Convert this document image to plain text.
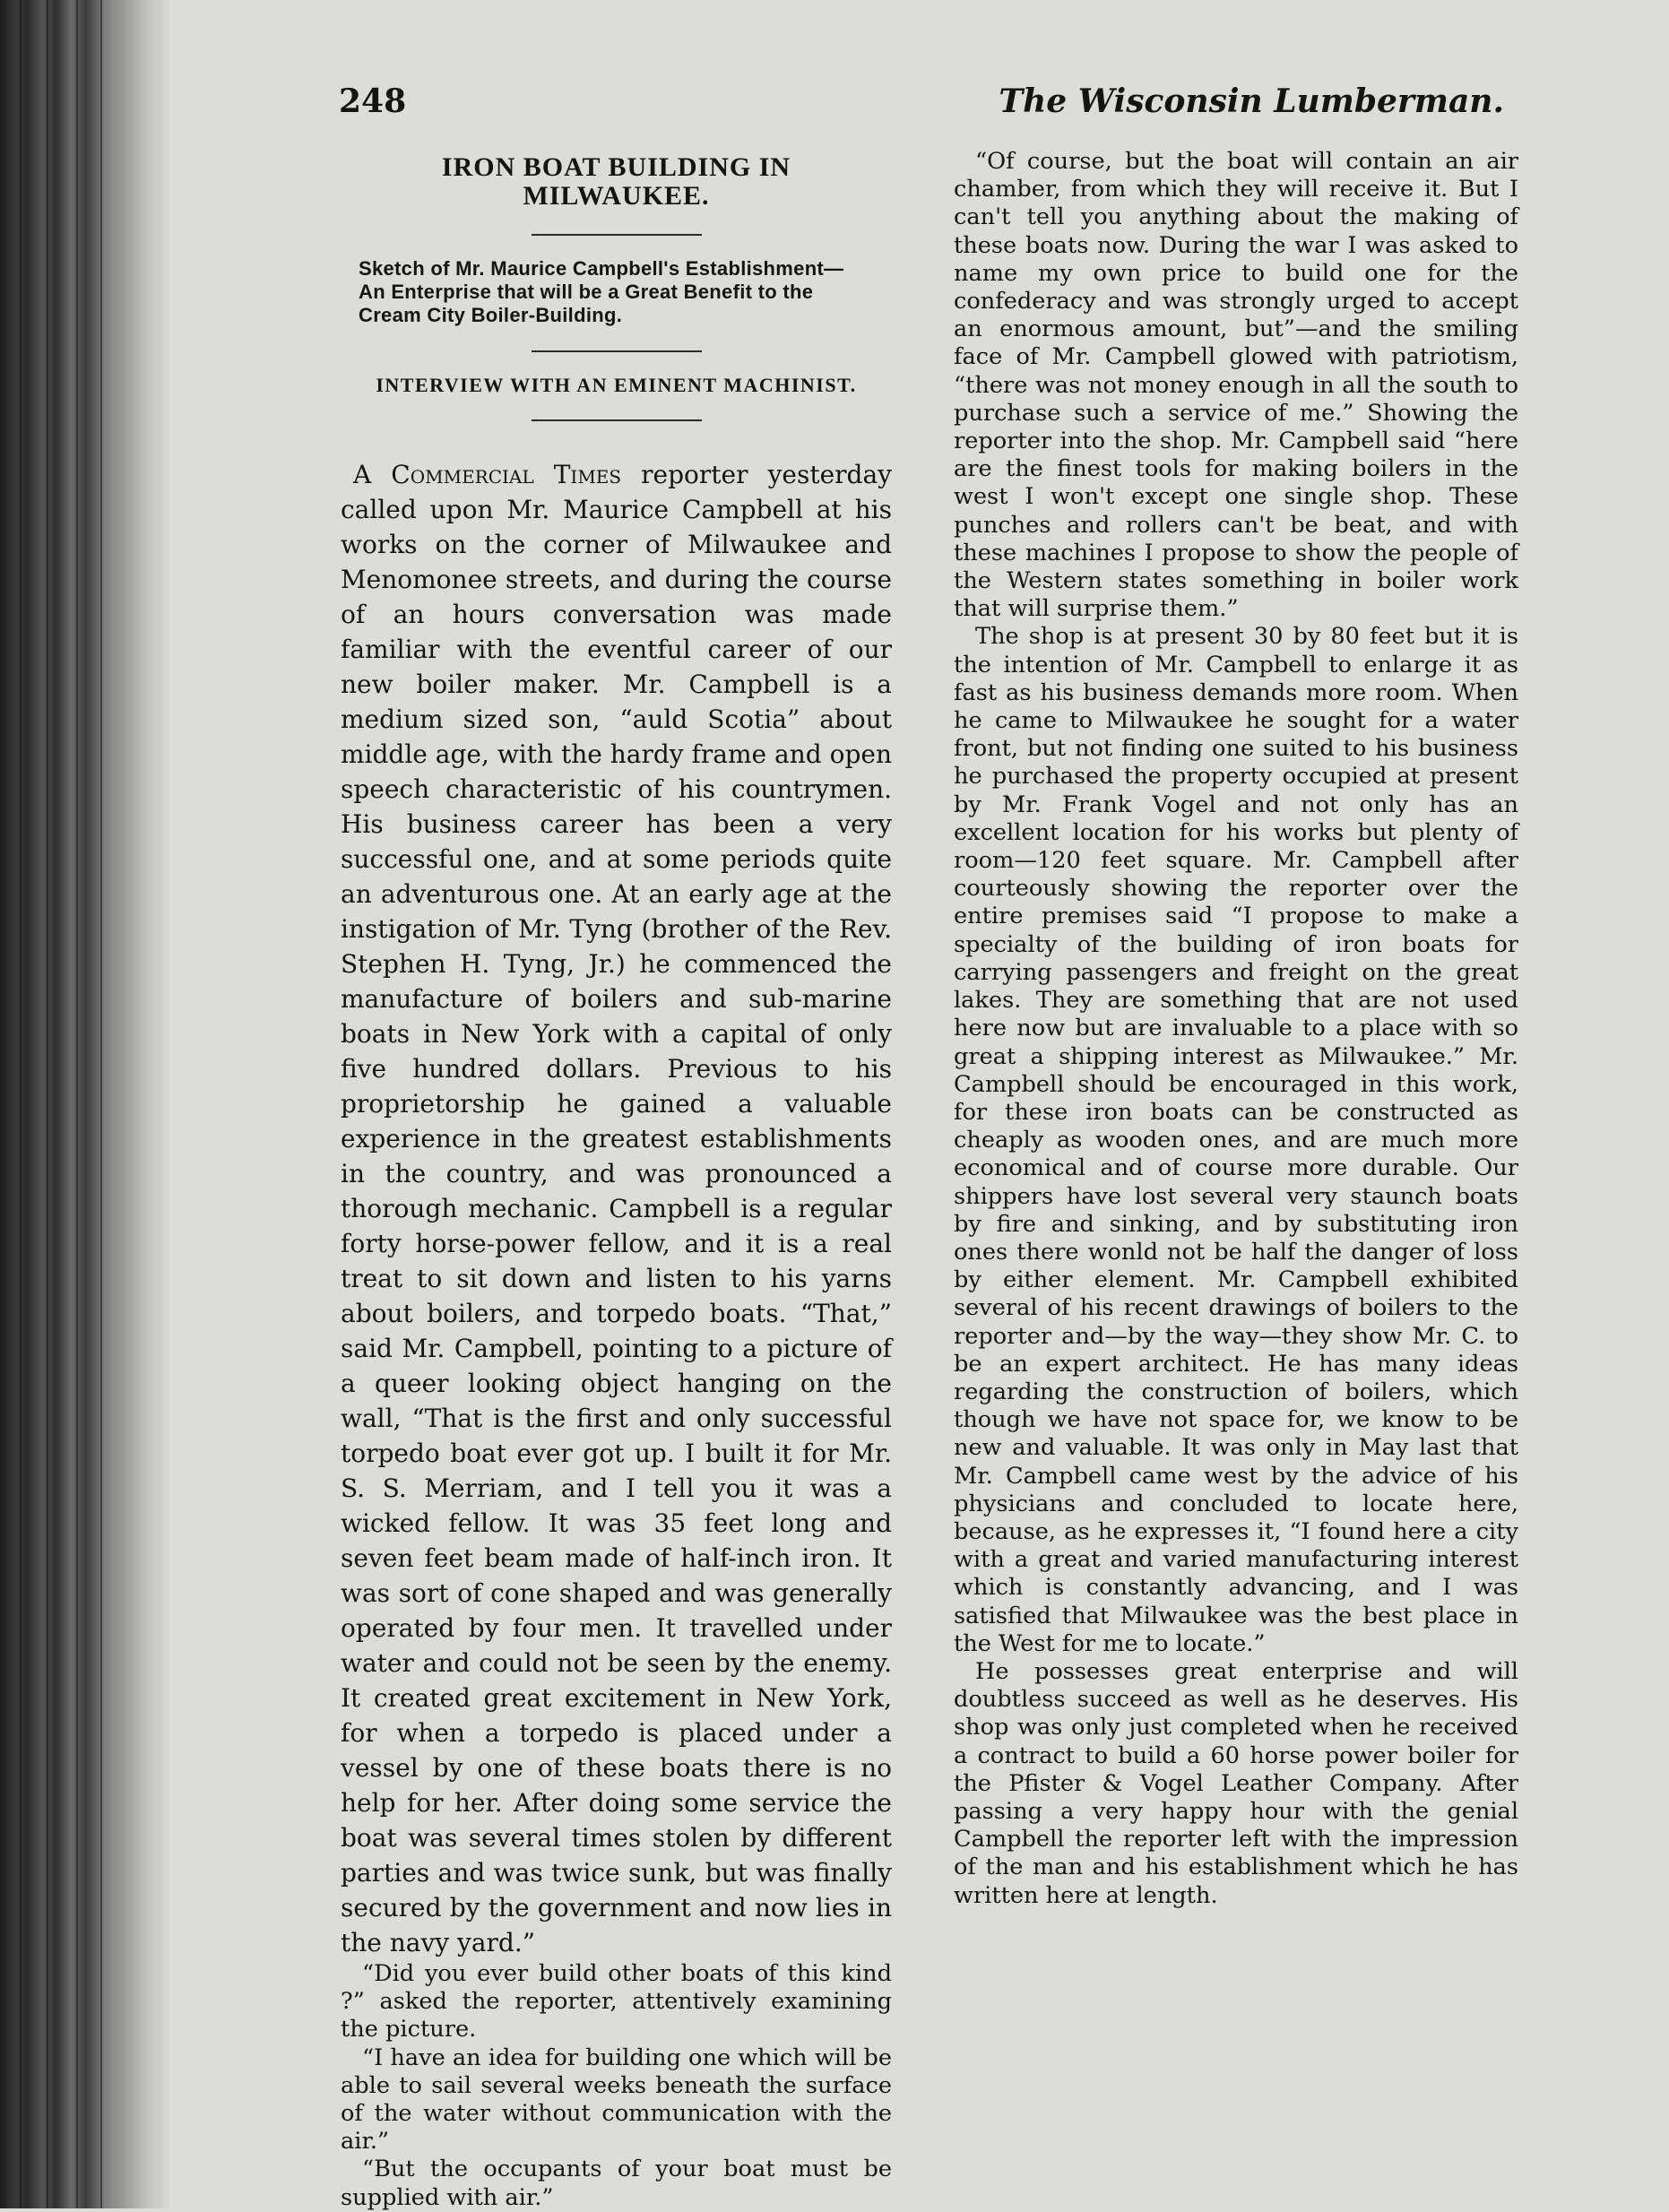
248	The Wisconsin Lumberman.
IRON BOAT BUILDING IN MILWAUKEE.
Sketch of Mr. Maurice Campbell's Establishment—An Enterprise that will be a Great Benefit to the Cream City Boiler-Building.
INTERVIEW WITH AN EMINENT MACHINIST.

A Commercial Times reporter yesterday called upon Mr. Maurice Campbell at his works on the corner of Milwaukee and Menomonee streets, and during the course of an hours conversation was made familiar with the eventful career of our new boiler maker. Mr. Campbell is a medium sized son, “auld Scotia” about middle age, with the hardy frame and open speech characteristic of his countrymen. His business career has been a very successful one, and at some periods quite an adventurous one. At an early age at the instigation of Mr. Tyng (brother of the Rev. Stephen H. Tyng, Jr.) he commenced the manufacture of boilers and sub-marine boats in New York with a capital of only five hundred dollars. Previous to his proprietorship he gained a valuable experience in the greatest establishments in the country, and was pronounced a thorough mechanic. Campbell is a regular forty horse-power fellow, and it is a real treat to sit down and listen to his yarns about boilers, and torpedo boats. “That,” said Mr. Campbell, pointing to a picture of a queer looking object hanging on the wall, “That is the first and only successful torpedo boat ever got up. I built it for Mr. S. S. Merriam, and I tell you it was a wicked fellow. It was 35 feet long and seven feet beam made of half-inch iron. It was sort of cone shaped and was generally operated by four men. It travelled under water and could not be seen by the enemy. It created great excitement in New York, for when a torpedo is placed under a vessel by one of these boats there is no help for her. After doing some service the boat was several times stolen by different parties and was twice sunk, but was finally secured by the government and now lies in the navy yard.”

“Did you ever build other boats of this kind ?” asked the reporter, attentively examining the picture.

“I have an idea for building one which will be able to sail several weeks beneath the surface of the water without communication with the air.”

“But the occupants of your boat must be supplied with air.”

“Of course, but the boat will contain an air chamber, from which they will receive it. But I can't tell you anything about the making of these boats now. During the war I was asked to name my own price to build one for the confederacy and was strongly urged to accept an enormous amount, but”—and the smiling face of Mr. Campbell glowed with patriotism, “there was not money enough in all the south to purchase such a service of me.” Showing the reporter into the shop. Mr. Campbell said “here are the finest tools for making boilers in the west I won't except one single shop. These punches and rollers can't be beat, and with these machines I propose to show the people of the Western states something in boiler work that will surprise them.”

The shop is at present 30 by 80 feet but it is the intention of Mr. Campbell to enlarge it as fast as his business demands more room. When he came to Milwaukee he sought for a water front, but not finding one suited to his business he purchased the property occupied at present by Mr. Frank Vogel and not only has an excellent location for his works but plenty of room—120 feet square. Mr. Campbell after courteously showing the reporter over the entire premises said “I propose to make a specialty of the building of iron boats for carrying passengers and freight on the great lakes. They are something that are not used here now but are invaluable to a place with so great a shipping interest as Milwaukee.” Mr. Campbell should be encouraged in this work, for these iron boats can be constructed as cheaply as wooden ones, and are much more economical and of course more durable. Our shippers have lost several very staunch boats by fire and sinking, and by substituting iron ones there wonld not be half the danger of loss by either element. Mr. Campbell exhibited several of his recent drawings of boilers to the reporter and—by the way—they show Mr. C. to be an expert architect. He has many ideas regarding the construction of boilers, which though we have not space for, we know to be new and valuable. It was only in May last that Mr. Campbell came west by the advice of his physicians and concluded to locate here, because, as he expresses it, “I found here a city with a great and varied manufacturing interest which is constantly advancing, and I was satisfied that Milwaukee was the best place in the West for me to locate.”

He possesses great enterprise and will doubtless succeed as well as he deserves. His shop was only just completed when he received a contract to build a 60 horse power boiler for the Pfister & Vogel Leather Company. After passing a very happy hour with the genial Campbell the reporter left with the impression of the man and his establishment which he has written here at length.
